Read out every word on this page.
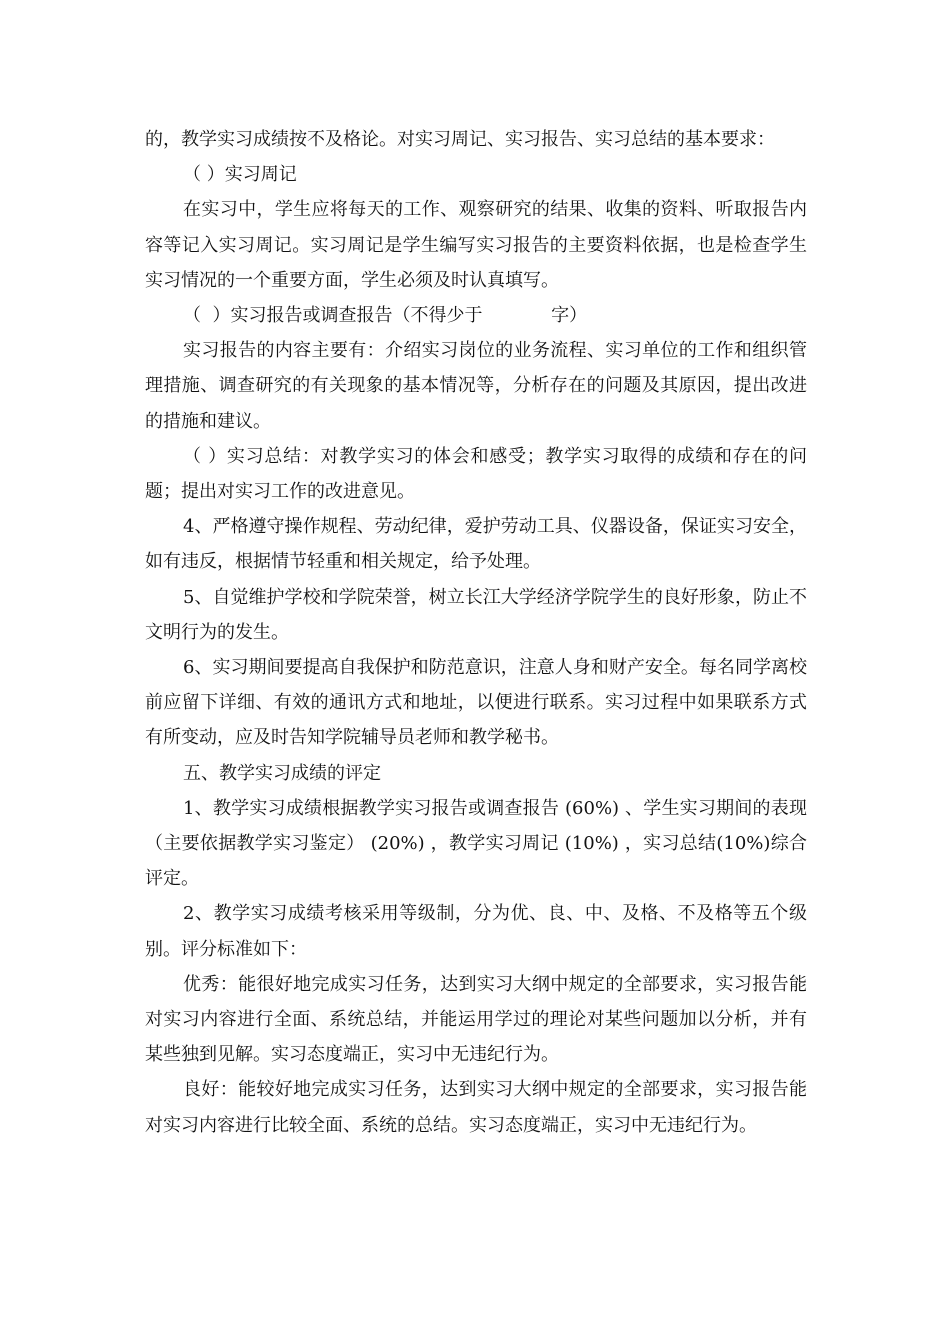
的，教学实习成绩按不及格论。对实习周记、实习报告、实习总结的基本要求：

（ ）实习周记

在实习中，学生应将每天的工作、观察研究的结果、收集的资料、听取报告内容等记入实习周记。实习周记是学生编写实习报告的主要资料依据，也是检查学生实习情况的一个重要方面，学生必须及时认真填写。

（  ）实习报告或调查报告（不得少于            字）

实习报告的内容主要有：介绍实习岗位的业务流程、实习单位的工作和组织管理措施、调查研究的有关现象的基本情况等，分析存在的问题及其原因，提出改进的措施和建议。

（ ）实习总结：对教学实习的体会和感受；教学实习取得的成绩和存在的问题；提出对实习工作的改进意见。

4、严格遵守操作规程、劳动纪律，爱护劳动工具、仪器设备，保证实习安全，如有违反，根据情节轻重和相关规定，给予处理。

5、自觉维护学校和学院荣誉，树立长江大学经济学院学生的良好形象，防止不文明行为的发生。

6、实习期间要提高自我保护和防范意识，注意人身和财产安全。每名同学离校前应留下详细、有效的通讯方式和地址，以便进行联系。实习过程中如果联系方式有所变动，应及时告知学院辅导员老师和教学秘书。

五、教学实习成绩的评定

1、教学实习成绩根据教学实习报告或调查报告 (60%) 、学生实习期间的表现（主要依据教学实习鉴定） (20%) ，教学实习周记 (10%) ，实习总结(10%)综合评定。

2、教学实习成绩考核采用等级制，分为优、良、中、及格、不及格等五个级别。评分标准如下：

优秀：能很好地完成实习任务，达到实习大纲中规定的全部要求，实习报告能对实习内容进行全面、系统总结，并能运用学过的理论对某些问题加以分析，并有某些独到见解。实习态度端正，实习中无违纪行为。

良好：能较好地完成实习任务，达到实习大纲中规定的全部要求，实习报告能对实习内容进行比较全面、系统的总结。实习态度端正，实习中无违纪行为。
